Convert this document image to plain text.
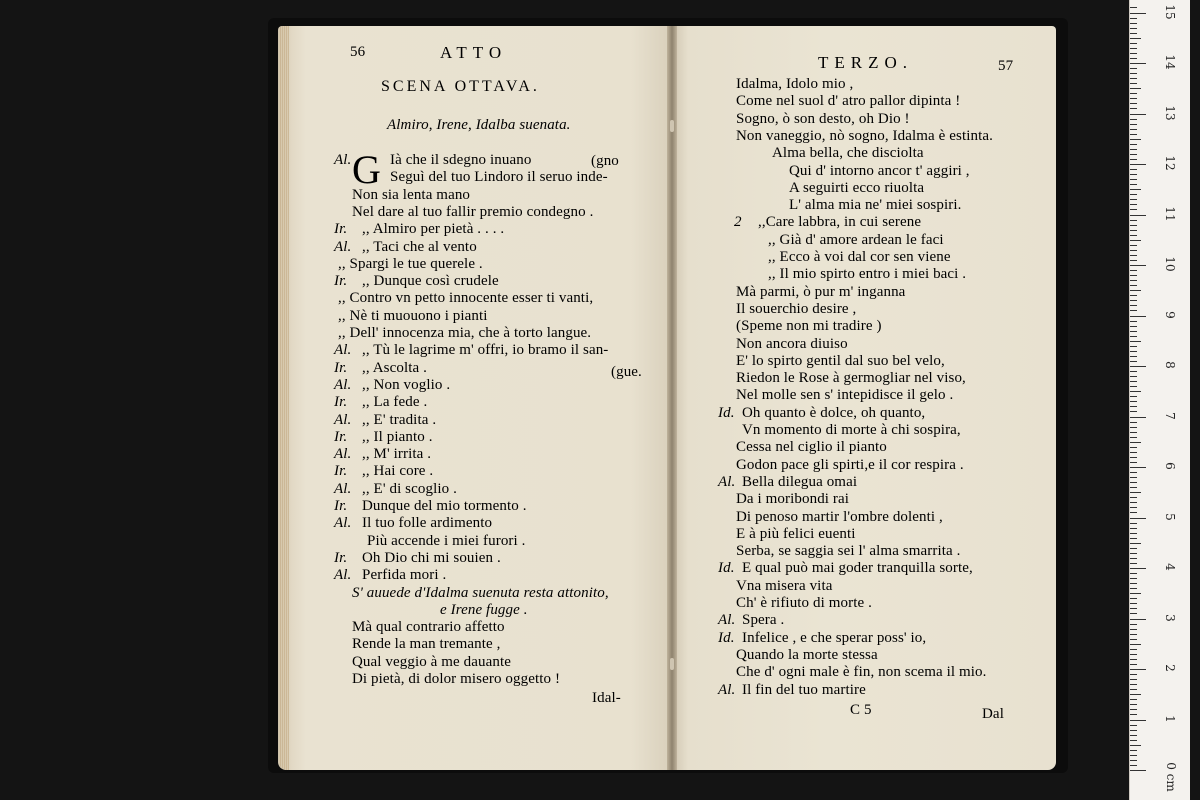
56	ATTO
SCENA OTTAVA.
Almiro, Irene, Idalba suenata.
G	(gno
(gue.
Al.	Ià che il sdegno inuano
Seguì del tuo Lindoro il seruo inde-
Non sia lenta mano
Nel dare al tuo fallir premio condegno .
Ir. ,, Almiro per pietà . . . .
Al. ,, Taci che al vento
,, Spargi le tue querele .
Ir. ,, Dunque così crudele
,, Contro vn petto innocente esser ti vanti,
,, Nè ti muouono i pianti
,, Dell' innocenza mia, che à torto langue.
Al. ,, Tù le lagrime m' offri, io bramo il san-
Ir. ,, Ascolta .
Al. ,, Non voglio .
Ir. ,, La fede .
Al. ,, E' tradita .
Ir. ,, Il pianto .
Al. ,, M' irrita .
Ir. ,, Hai core .
Al. ,, E' di scoglio .
Ir. Dunque del mio tormento .
Al. Il tuo folle ardimento
Più accende i miei furori .
Ir. Oh Dio chi mi souien .
Al. Perfida mori .
S' auuede d'Idalma suenuta resta attonito,
e Irene fugge .
Mà qual contrario affetto
Rende la man tremante ,
Qual veggio à me dauante
Di pietà, di dolor misero oggetto !
Idal-
TERZO.	57
Idalma, Idolo mio ,
Come nel suol d' atro pallor dipinta !
Sogno, ò son desto, oh Dio !
Non vaneggio, nò sogno, Idalma è estinta.
Alma bella, che disciolta
Qui d' intorno ancor t' aggiri ,
A seguirti ecco riuolta
L' alma mia ne' miei sospiri.
2 ,,Care labbra, in cui serene
,, Già d' amore ardean le faci
,, Ecco à voi dal cor sen viene
,, Il mio spirto entro i miei baci .
Mà parmi, ò pur m' inganna
Il souerchio desire ,
(Speme non mi tradire )
Non ancora diuiso
E' lo spirto gentil dal suo bel velo,
Riedon le Rose à germogliar nel viso,
Nel molle sen s' intepidisce il gelo .
Id. Oh quanto è dolce, oh quanto,
Vn momento di morte à chi sospira,
Cessa nel ciglio il pianto
Godon pace gli spirti,e il cor respira .
Al. Bella dilegua omai
Da i moribondi rai
Di penoso martir l'ombre dolenti ,
E à più felici euenti
Serba, se saggia sei l' alma smarrita .
Id. E qual può mai goder tranquilla sorte,
Vna misera vita
Ch' è rifiuto di morte .
Al. Spera .
Id. Infelice , e che sperar poss' io,
Quando la morte stessa
Che d' ogni male è fin, non scema il mio.
Al. Il fin del tuo martire
C 5	Dal	1
2
3
4
5
6
7
8
9
10
11
12
13
14
15
0 cm
